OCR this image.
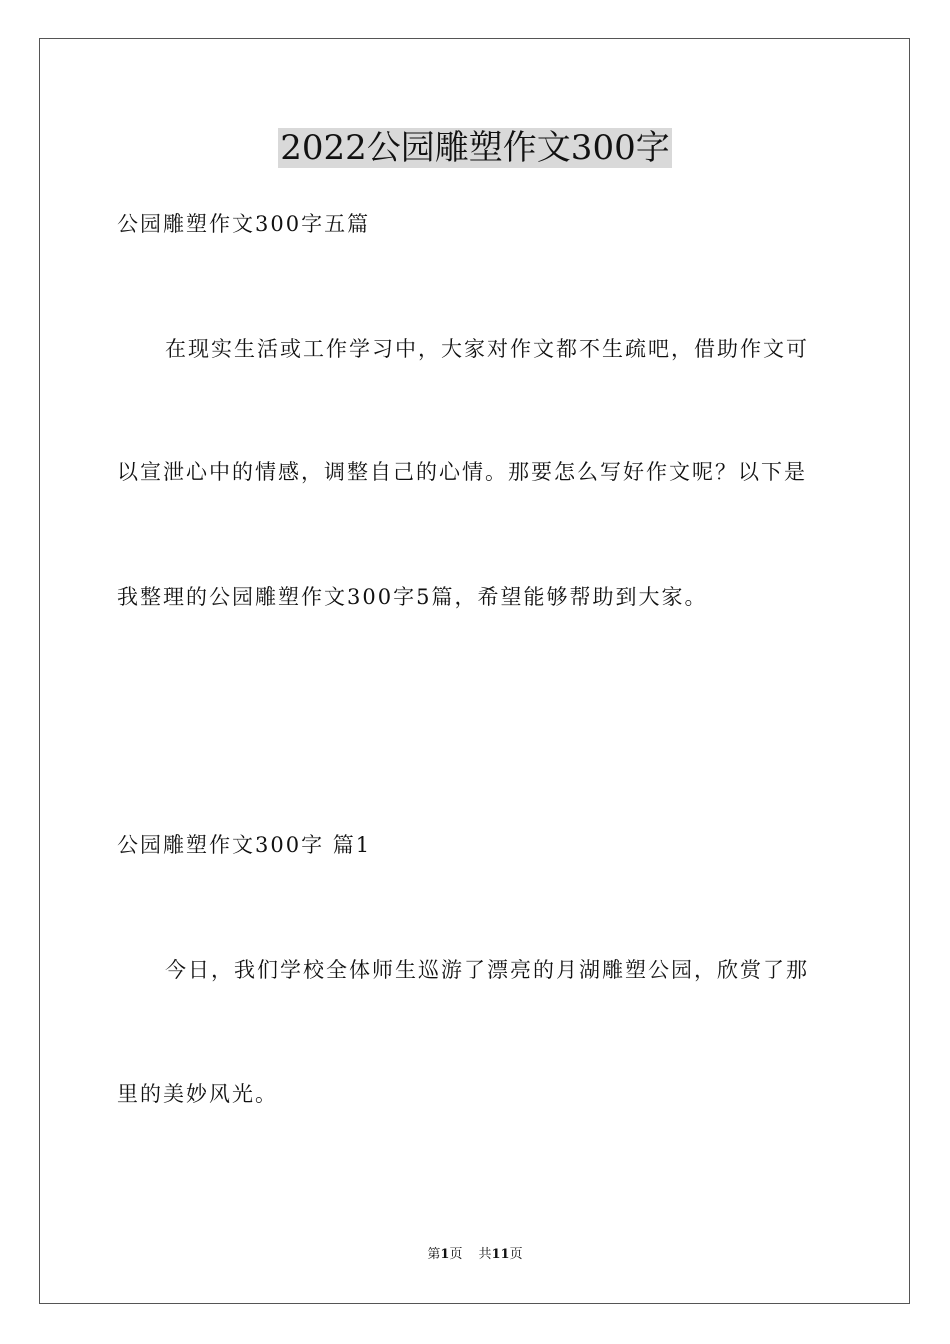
2022公园雕塑作文300字

公园雕塑作文300字五篇

在现实生活或工作学习中，大家对作文都不生疏吧，借助作文可

以宣泄心中的情感，调整自己的心情。那要怎么写好作文呢？以下是

我整理的公园雕塑作文300字5篇，希望能够帮助到大家。

公园雕塑作文300字 篇1

今日，我们学校全体师生巡游了漂亮的月湖雕塑公园，欣赏了那

里的美妙风光。

第1页 共11页
